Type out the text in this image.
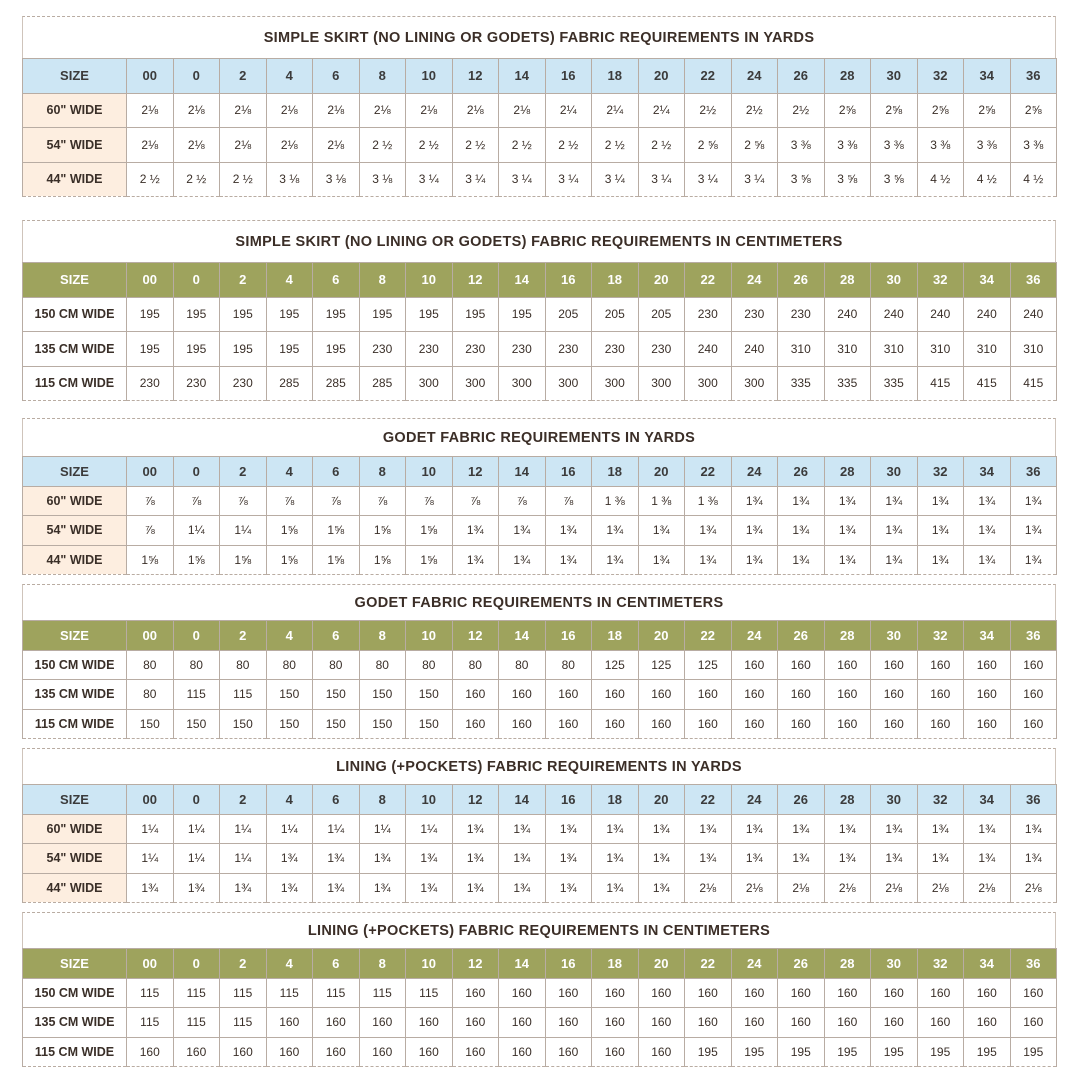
SIMPLE SKIRT (NO LINING OR GODETS) FABRIC REQUIREMENTS IN YARDS
SIZE	00	0	2	4	6	8	10	12	14	16	18	20	22	24	26	28	30	32	34	36
60" WIDE	2⅛	2⅛	2⅛	2⅛	2⅛	2⅛	2⅛	2⅛	2⅛	2¼	2¼	2¼	2½	2½	2½	2⅝	2⅝	2⅝	2⅝	2⅝
54" WIDE	2⅛	2⅛	2⅛	2⅛	2⅛	2 ½	2 ½	2 ½	2 ½	2 ½	2 ½	2 ½	2 ⅝	2 ⅝	3 ⅜	3 ⅜	3 ⅜	3 ⅜	3 ⅜	3 ⅜
44" WIDE	2 ½	2 ½	2 ½	3 ⅛	3 ⅛	3 ⅛	3 ¼	3 ¼	3 ¼	3 ¼	3 ¼	3 ¼	3 ¼	3 ¼	3 ⅝	3 ⅝	3 ⅝	4 ½	4 ½	4 ½
SIMPLE SKIRT (NO LINING OR GODETS) FABRIC REQUIREMENTS IN CENTIMETERS
SIZE	00	0	2	4	6	8	10	12	14	16	18	20	22	24	26	28	30	32	34	36
150 CM WIDE	195	195	195	195	195	195	195	195	195	205	205	205	230	230	230	240	240	240	240	240
135 CM WIDE	195	195	195	195	195	230	230	230	230	230	230	230	240	240	310	310	310	310	310	310
115 CM WIDE	230	230	230	285	285	285	300	300	300	300	300	300	300	300	335	335	335	415	415	415
GODET FABRIC REQUIREMENTS IN YARDS
SIZE	00	0	2	4	6	8	10	12	14	16	18	20	22	24	26	28	30	32	34	36
60" WIDE	⅞	⅞	⅞	⅞	⅞	⅞	⅞	⅞	⅞	⅞	1 ⅜	1 ⅜	1 ⅜	1¾	1¾	1¾	1¾	1¾	1¾	1¾
54" WIDE	⅞	1¼	1¼	1⅝	1⅝	1⅝	1⅝	1¾	1¾	1¾	1¾	1¾	1¾	1¾	1¾	1¾	1¾	1¾	1¾	1¾
44" WIDE	1⅝	1⅝	1⅝	1⅝	1⅝	1⅝	1⅝	1¾	1¾	1¾	1¾	1¾	1¾	1¾	1¾	1¾	1¾	1¾	1¾	1¾
GODET FABRIC REQUIREMENTS IN CENTIMETERS
SIZE	00	0	2	4	6	8	10	12	14	16	18	20	22	24	26	28	30	32	34	36
150 CM WIDE	80	80	80	80	80	80	80	80	80	80	125	125	125	160	160	160	160	160	160	160
135 CM WIDE	80	115	115	150	150	150	150	160	160	160	160	160	160	160	160	160	160	160	160	160
115 CM WIDE	150	150	150	150	150	150	150	160	160	160	160	160	160	160	160	160	160	160	160	160
LINING (+POCKETS) FABRIC REQUIREMENTS IN YARDS
SIZE	00	0	2	4	6	8	10	12	14	16	18	20	22	24	26	28	30	32	34	36
60" WIDE	1¼	1¼	1¼	1¼	1¼	1¼	1¼	1¾	1¾	1¾	1¾	1¾	1¾	1¾	1¾	1¾	1¾	1¾	1¾	1¾
54" WIDE	1¼	1¼	1¼	1¾	1¾	1¾	1¾	1¾	1¾	1¾	1¾	1¾	1¾	1¾	1¾	1¾	1¾	1¾	1¾	1¾
44" WIDE	1¾	1¾	1¾	1¾	1¾	1¾	1¾	1¾	1¾	1¾	1¾	1¾	2⅛	2⅛	2⅛	2⅛	2⅛	2⅛	2⅛	2⅛
LINING (+POCKETS) FABRIC REQUIREMENTS IN CENTIMETERS
SIZE	00	0	2	4	6	8	10	12	14	16	18	20	22	24	26	28	30	32	34	36
150 CM WIDE	115	115	115	115	115	115	115	160	160	160	160	160	160	160	160	160	160	160	160	160
135 CM WIDE	115	115	115	160	160	160	160	160	160	160	160	160	160	160	160	160	160	160	160	160
115 CM WIDE	160	160	160	160	160	160	160	160	160	160	160	160	195	195	195	195	195	195	195	195
